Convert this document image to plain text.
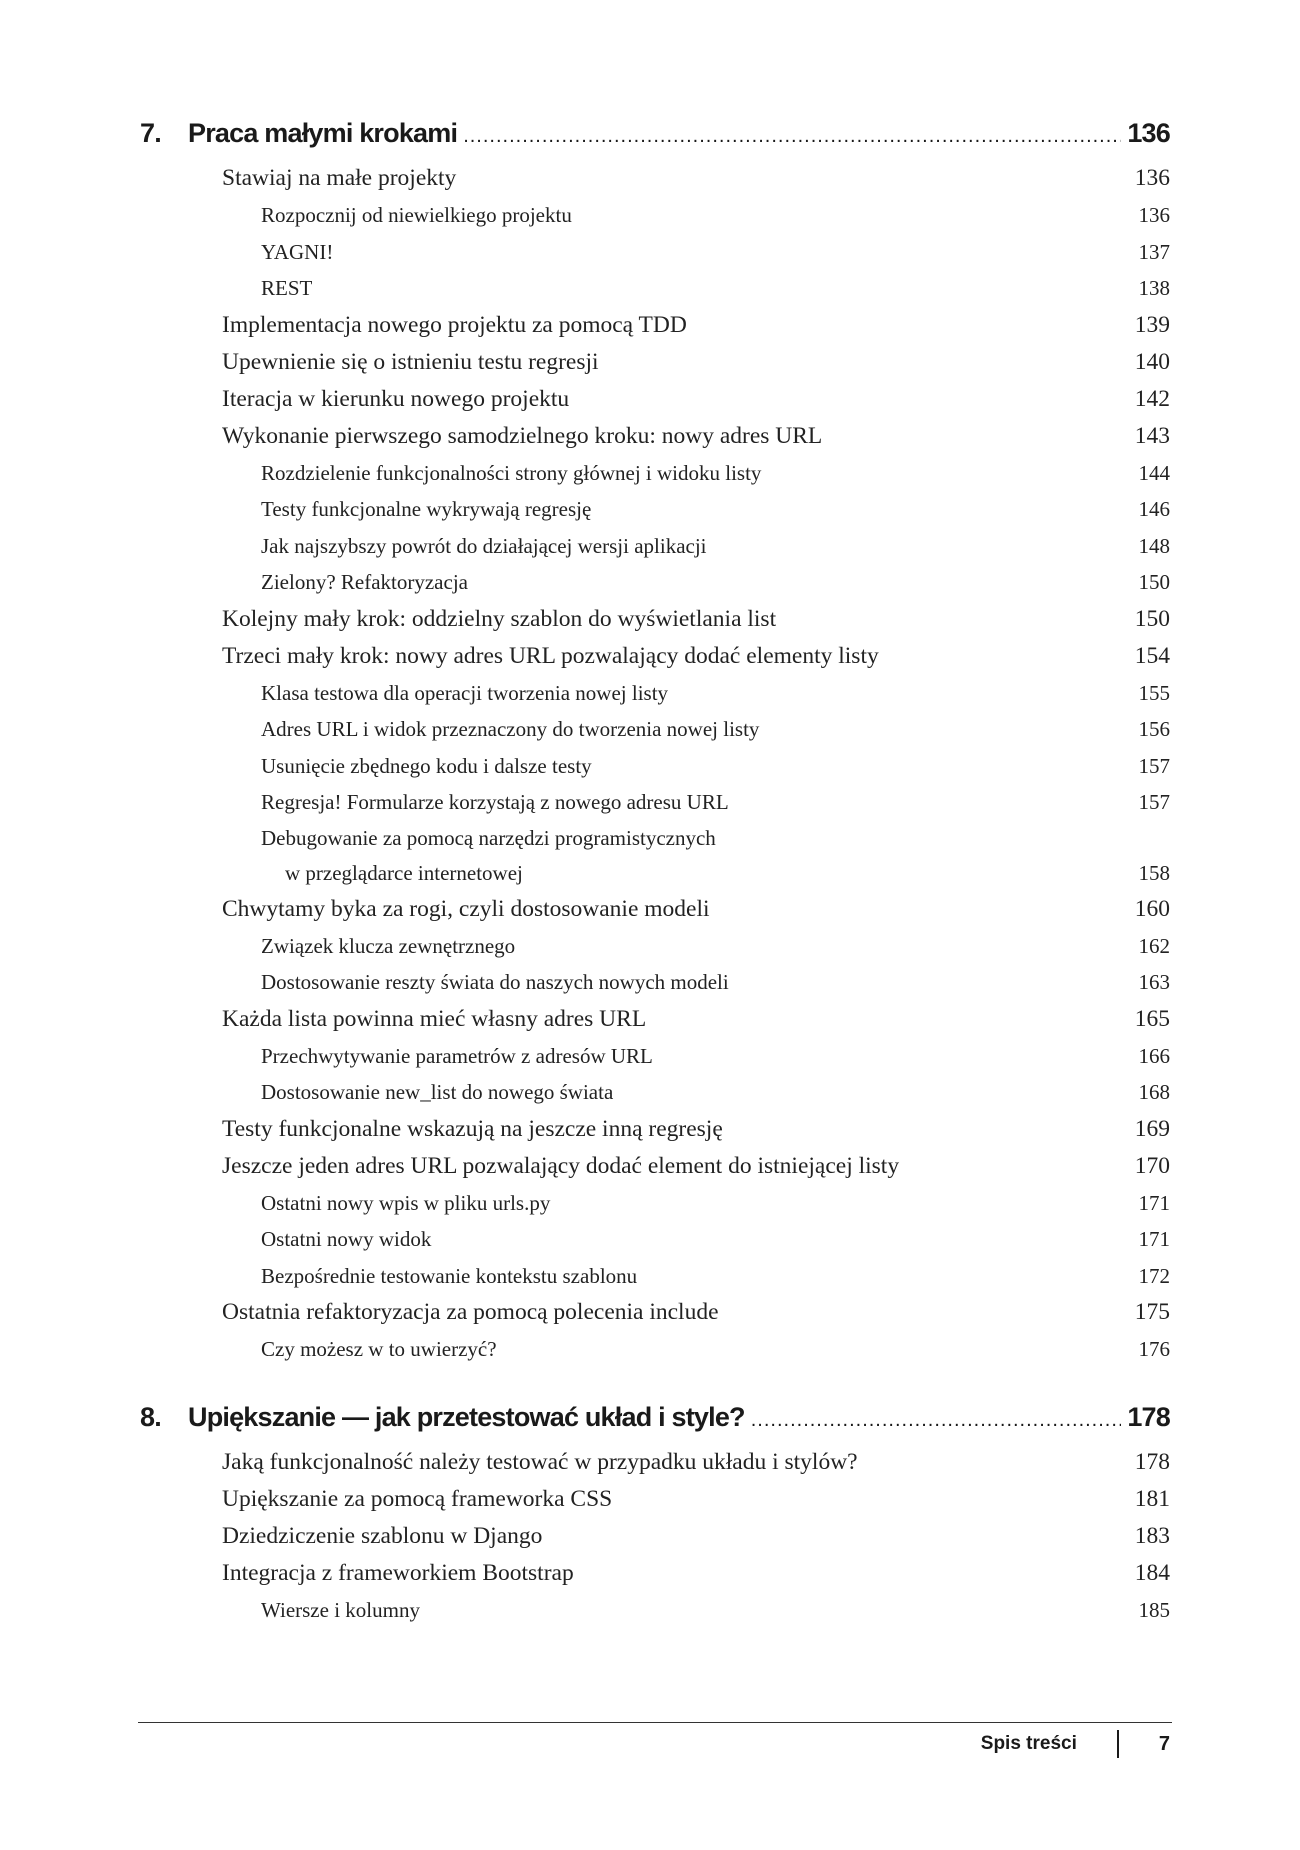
7.	Praca małymi krokami .....	136
Stawiaj na małe projekty	136
Rozpocznij od niewielkiego projektu	136
YAGNI!	137
REST	138
Implementacja nowego projektu za pomocą TDD	139
Upewnienie się o istnieniu testu regresji	140
Iteracja w kierunku nowego projektu	142
Wykonanie pierwszego samodzielnego kroku: nowy adres URL	143
Rozdzielenie funkcjonalności strony głównej i widoku listy	144
Testy funkcjonalne wykrywają regresję	146
Jak najszybszy powrót do działającej wersji aplikacji	148
Zielony? Refaktoryzacja	150
Kolejny mały krok: oddzielny szablon do wyświetlania list	150
Trzeci mały krok: nowy adres URL pozwalający dodać elementy listy	154
Klasa testowa dla operacji tworzenia nowej listy	155
Adres URL i widok przeznaczony do tworzenia nowej listy	156
Usunięcie zbędnego kodu i dalsze testy	157
Regresja! Formularze korzystają z nowego adresu URL	157
Debugowanie za pomocą narzędzi programistycznych
w przeglądarce internetowej	158
Chwytamy byka za rogi, czyli dostosowanie modeli	160
Związek klucza zewnętrznego	162
Dostosowanie reszty świata do naszych nowych modeli	163
Każda lista powinna mieć własny adres URL	165
Przechwytywanie parametrów z adresów URL	166
Dostosowanie new_list do nowego świata	168
Testy funkcjonalne wskazują na jeszcze inną regresję	169
Jeszcze jeden adres URL pozwalający dodać element do istniejącej listy	170
Ostatni nowy wpis w pliku urls.py	171
Ostatni nowy widok	171
Bezpośrednie testowanie kontekstu szablonu	172
Ostatnia refaktoryzacja za pomocą polecenia include	175
Czy możesz w to uwierzyć?	176
8.	Upiększanie — jak przetestować układ i style? .....	178
Jaką funkcjonalność należy testować w przypadku układu i stylów?	178
Upiększanie za pomocą frameworka CSS	181
Dziedziczenie szablonu w Django	183
Integracja z frameworkiem Bootstrap	184
Wiersze i kolumny	185
Spis treści	7
